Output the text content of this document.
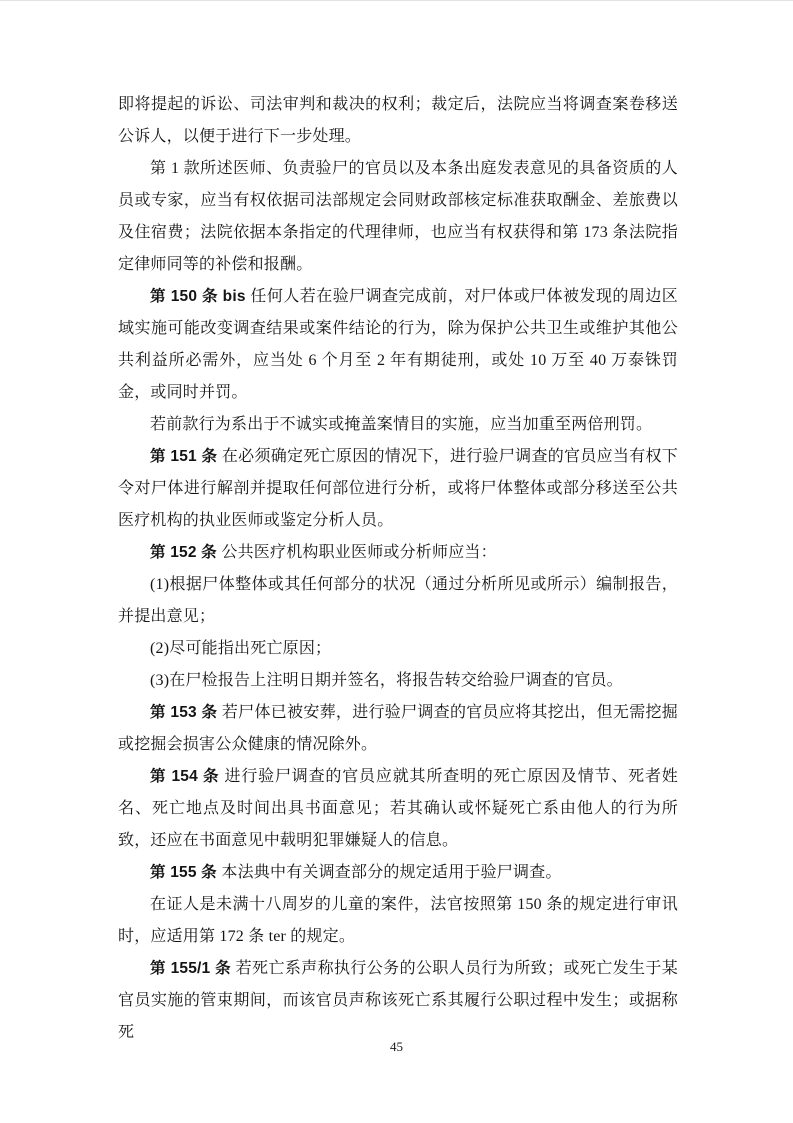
即将提起的诉讼、司法审判和裁决的权利；裁定后，法院应当将调查案卷移送公诉人，以便于进行下一步处理。

第 1 款所述医师、负责验尸的官员以及本条出庭发表意见的具备资质的人员或专家，应当有权依据司法部规定会同财政部核定标准获取酬金、差旅费以及住宿费；法院依据本条指定的代理律师，也应当有权获得和第 173 条法院指定律师同等的补偿和报酬。

第 150 条 bis 任何人若在验尸调查完成前，对尸体或尸体被发现的周边区域实施可能改变调查结果或案件结论的行为，除为保护公共卫生或维护其他公共利益所必需外，应当处 6 个月至 2 年有期徒刑，或处 10 万至 40 万泰铢罚金，或同时并罚。

若前款行为系出于不诚实或掩盖案情目的实施，应当加重至两倍刑罚。

第 151 条 在必须确定死亡原因的情况下，进行验尸调查的官员应当有权下令对尸体进行解剖并提取任何部位进行分析，或将尸体整体或部分移送至公共医疗机构的执业医师或鉴定分析人员。

第 152 条 公共医疗机构职业医师或分析师应当：

(1)根据尸体整体或其任何部分的状况（通过分析所见或所示）编制报告，并提出意见；

(2)尽可能指出死亡原因；

(3)在尸检报告上注明日期并签名，将报告转交给验尸调查的官员。

第 153 条 若尸体已被安葬，进行验尸调查的官员应将其挖出，但无需挖掘或挖掘会损害公众健康的情况除外。

第 154 条 进行验尸调查的官员应就其所查明的死亡原因及情节、死者姓名、死亡地点及时间出具书面意见；若其确认或怀疑死亡系由他人的行为所致，还应在书面意见中载明犯罪嫌疑人的信息。

第 155 条 本法典中有关调查部分的规定适用于验尸调查。

在证人是未满十八周岁的儿童的案件，法官按照第 150 条的规定进行审讯时，应适用第 172 条 ter 的规定。

第 155/1 条 若死亡系声称执行公务的公职人员行为所致；或死亡发生于某官员实施的管束期间，而该官员声称该死亡系其履行公职过程中发生；或据称死

45
